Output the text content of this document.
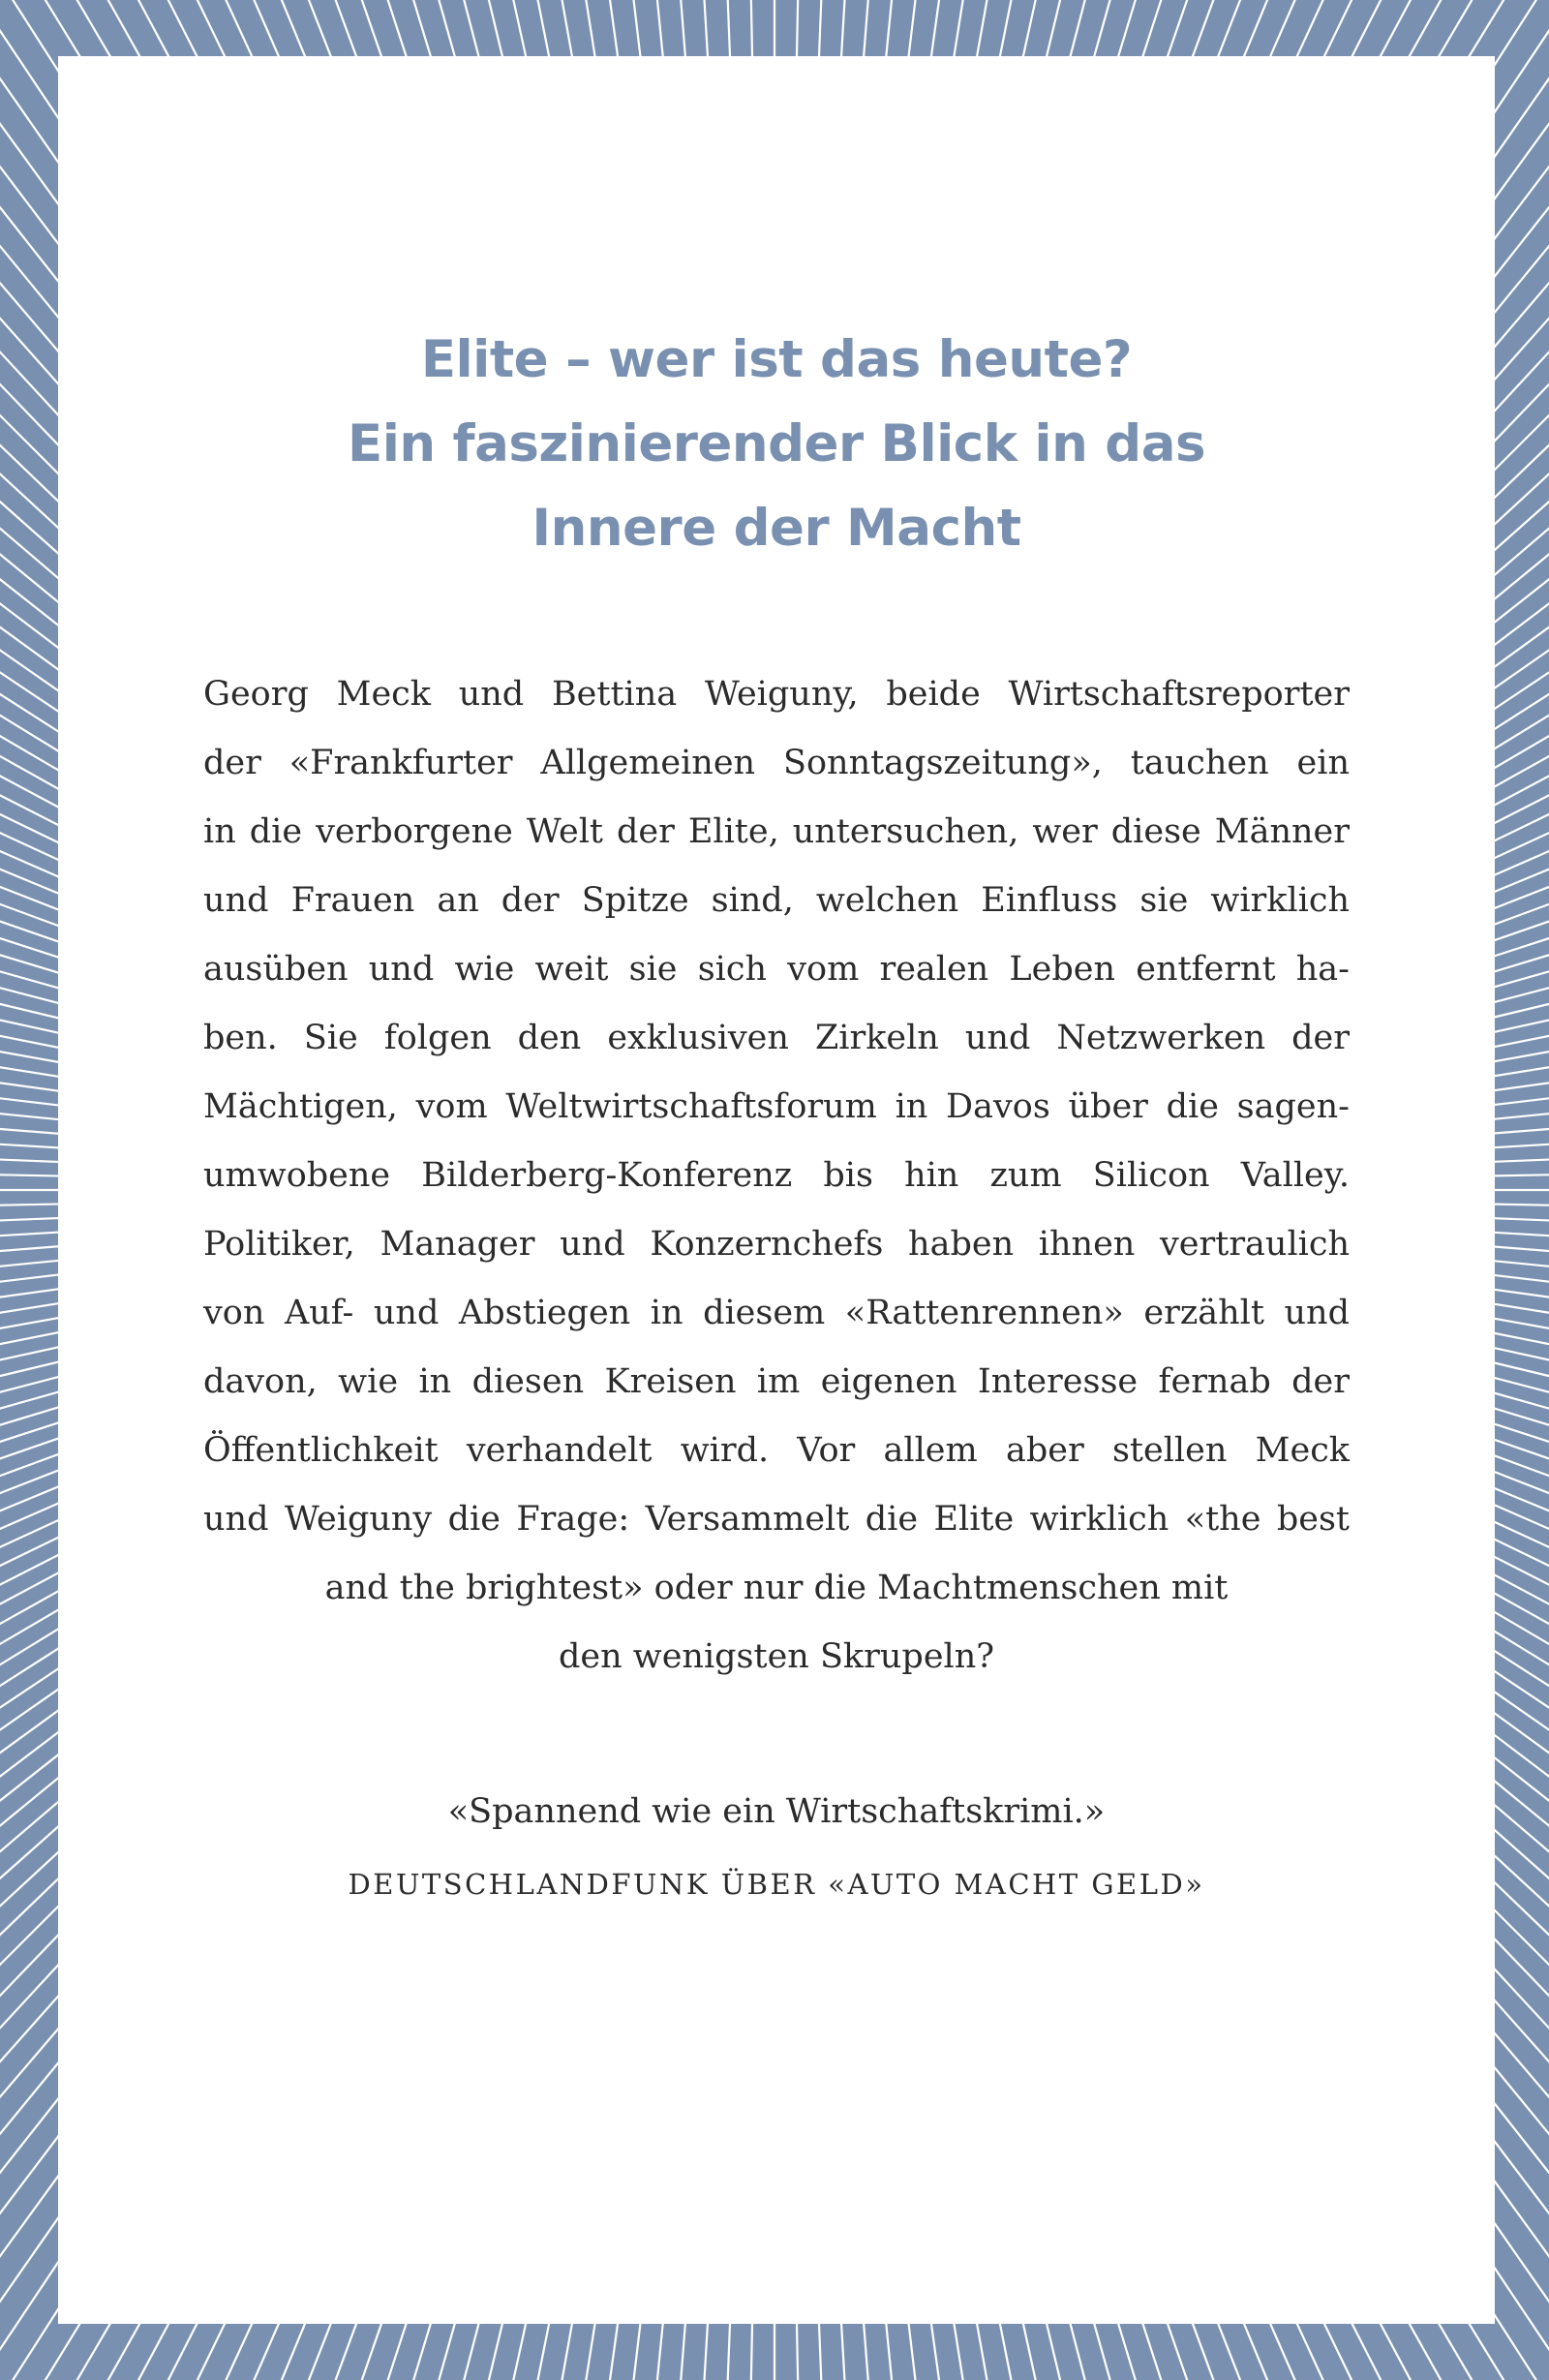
Elite – wer ist das heute?
Ein faszinierender Blick in das
Innere der Macht
Georg Meck und Bettina Weiguny, beide Wirtschaftsreporter
der «Frankfurter Allgemeinen Sonntagszeitung», tauchen ein
in die verborgene Welt der Elite, untersuchen, wer diese Männer
und Frauen an der Spitze sind, welchen Einfluss sie wirklich
ausüben und wie weit sie sich vom realen Leben entfernt ha-
ben. Sie folgen den exklusiven Zirkeln und Netzwerken der
Mächtigen, vom Weltwirtschaftsforum in Davos über die sagen-
umwobene Bilderberg-Konferenz bis hin zum Silicon Valley.
Politiker, Manager und Konzernchefs haben ihnen vertraulich
von Auf- und Abstiegen in diesem «Rattenrennen» erzählt und
davon, wie in diesen Kreisen im eigenen Interesse fernab der
Öffentlichkeit verhandelt wird. Vor allem aber stellen Meck
und Weiguny die Frage: Versammelt die Elite wirklich «the best
and the brightest» oder nur die Machtmenschen mit
den wenigsten Skrupeln?
«Spannend wie ein Wirtschaftskrimi.»
DEUTSCHLANDFUNK ÜBER «AUTO MACHT GELD»
